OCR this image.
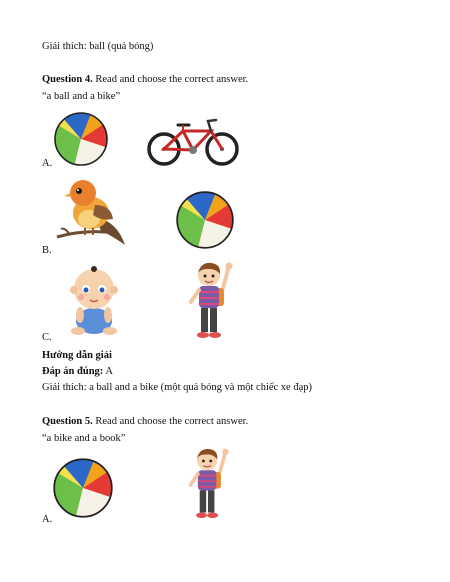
Giải thích: ball (quả bóng)
Question 4. Read and choose the correct answer.
“a ball and a bike”
A.
B.
C.
Hướng dẫn giải
Đáp án đúng: A
Giải thích: a ball and a bike (một quả bóng và một chiếc xe đạp)
Question 5. Read and choose the correct answer.
“a bike and a book”
A.
